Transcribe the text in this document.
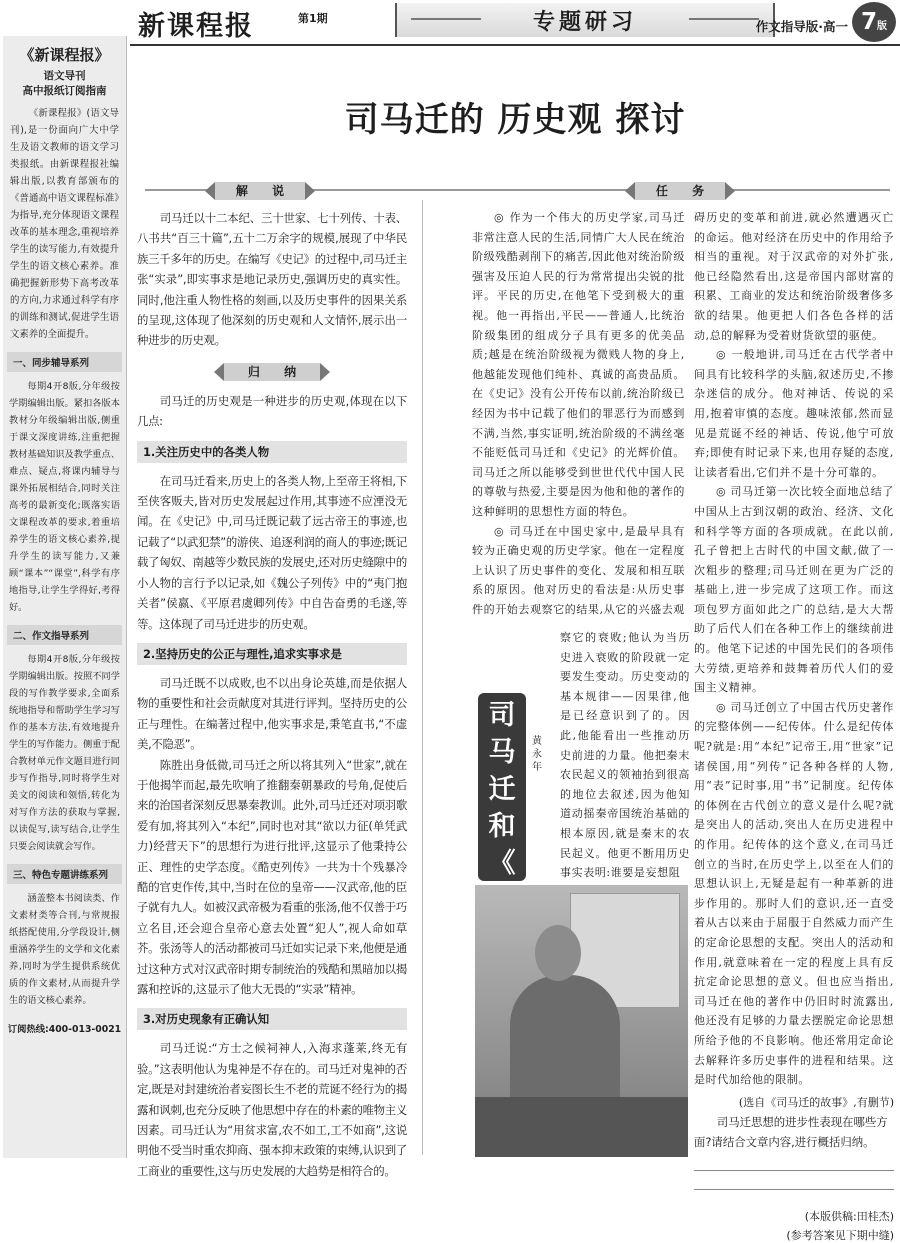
新课程报	第1期	专题研习	作文指导版·高一 7版
《新课程报》
语文导刊
高中报纸订阅指南
《新课程报》(语文导刊),是一份面向广大中学生及语文教师的语文学习类报纸。由新课程报社编辑出版,以教育部颁布的《普通高中语文课程标准》为指导,充分体现语文课程改革的基本理念,重视培养学生的读写能力,有效提升学生的语文核心素养。准确把握新形势下高考改革的方向,力求通过科学有序的训练和测试,促进学生语文素养的全面提升。
一、同步辅导系列
每期4开8版,分年级按学期编辑出版。紧扣各版本教材分年级编辑出版,侧重于课文深度讲练,注重把握教材基础知识及教学重点、难点、疑点,将课内辅导与课外拓展相结合,同时关注高考的最新变化;既落实语文课程改革的要求,着重培养学生的语文核心素养,提升学生的读写能力,又兼顾“课本”“课堂”,科学有序地指导,让学生学得好,考得好。
二、作文指导系列
每期4开8版,分年级按学期编辑出版。按照不同学段的写作教学要求,全面系统地指导和帮助学生学习写作的基本方法,有效地提升学生的写作能力。侧重于配合教材单元作文题目进行同步写作指导,同时将学生对美文的阅读和领悟,转化为对写作方法的获取与掌握,以读促写,读写结合,让学生只要会阅读就会写作。
三、特色专题讲练系列
涵盖整本书阅读类、作文素材类等合刊,与常规报纸搭配使用,分学段设计,侧重涵养学生的文学和文化素养,同时为学生提供系统优质的作文素材,从而提升学生的语文核心素养。
订阅热线:400-013-0021
司马迁的 历史观 探讨
解 说	任 务

司马迁以十二本纪、三十世家、七十列传、十表、八书共“百三十篇”,五十二万余字的规模,展现了中华民族三千多年的历史。在编写《史记》的过程中,司马迁主张“实录”,即实事求是地记录历史,强调历史的真实性。同时,他注重人物性格的刻画,以及历史事件的因果关系的呈现,这体现了他深刻的历史观和人文情怀,展示出一种进步的历史观。

归 纳

司马迁的历史观是一种进步的历史观,体现在以下几点:

1.关注历史中的各类人物

在司马迁看来,历史上的各类人物,上至帝王将相,下至侠客贩夫,皆对历史发展起过作用,其事迹不应湮没无闻。在《史记》中,司马迁既记载了远古帝王的事迹,也记载了“以武犯禁”的游侠、追逐利润的商人的事迹;既记载了匈奴、南越等少数民族的发展史,还对历史缝隙中的小人物的言行予以记录,如《魏公子列传》中的“夷门抱关者”侯嬴、《平原君虞卿列传》中自告奋勇的毛遂,等等。这体现了司马迁进步的历史观。

2.坚持历史的公正与理性,追求实事求是

司马迁既不以成败,也不以出身论英雄,而是依据人物的重要性和社会贡献度对其进行评判。坚持历史的公正与理性。在编著过程中,他实事求是,秉笔直书,“不虚美,不隐恶”。

陈胜出身低微,司马迁之所以将其列入“世家”,就在于他揭竿而起,最先吹响了推翻秦朝暴政的号角,促使后来的治国者深刻反思暴秦教训。此外,司马迁还对项羽歌爱有加,将其列入“本纪”,同时也对其“欲以力征(单凭武力)经营天下”的思想行为进行批评,这显示了他秉持公正、理性的史学态度。《酷吏列传》一共为十个残暴冷酷的官吏作传,其中,当时在位的皇帝——汉武帝,他的臣子就有九人。如被汉武帝极为看重的张汤,他不仅善于巧立名目,还会迎合皇帝心意去处置“犯人”,视人命如草芥。张汤等人的活动都被司马迁如实记录下来,他便是通过这种方式对汉武帝时期专制统治的残酷和黑暗加以揭露和控诉的,这显示了他大无畏的“实录”精神。

3.对历史现象有正确认知

司马迁说:“方士之候祠神人,入海求蓬莱,终无有验。”这表明他认为鬼神是不存在的。司马迁对鬼神的否定,既是对封建统治者妄图长生不老的荒诞不经行为的揭露和讽刺,也充分反映了他思想中存在的朴素的唯物主义因素。司马迁认为“用贫求富,农不如工,工不如商”,这说明他不受当时重农抑商、强本抑末政策的束缚,认识到了工商业的重要性,这与历史发展的大趋势是相符合的。

◎ 作为一个伟大的历史学家,司马迁非常注意人民的生活,同情广大人民在统治阶级残酷剥削下的痛苦,因此他对统治阶级强害及压迫人民的行为常常提出尖锐的批评。平民的历史,在他笔下受到极大的重视。他一再指出,平民——普通人,比统治阶级集团的组成分子具有更多的优美品质;越是在统治阶级视为微贱人物的身上,他越能发现他们纯朴、真诚的高贵品质。在《史记》没有公开传布以前,统治阶级已经因为书中记载了他们的罪恶行为而感到不满,当然,事实证明,统治阶级的不满丝毫不能贬低司马迁和《史记》的光辉价值。司马迁之所以能够受到世世代代中国人民的尊敬与热爱,主要是因为他和他的著作的这种鲜明的思想性方面的特色。

◎ 司马迁在中国史家中,是最早具有较为正确史观的历史学家。他在一定程度上认识了历史事件的变化、发展和相互联系的原因。他对历史的看法是:从历史事件的开始去观察它的结果,从它的兴盛去观

司
马
迁
和
《
黄永年

碍历史的变革和前进,就必然遭遇灭亡的命运。他对经济在历史中的作用给予相当的重视。对于汉武帝的对外扩张,他已经隐然看出,这是帝国内部财富的积累、工商业的发达和统治阶级奢侈多欲的结果。他更把人们各色各样的活动,总的解释为受着财货欲望的驱使。

◎ 一般地讲,司马迁在古代学者中间具有比较科学的头脑,叙述历史,不掺杂迷信的成分。他对神话、传说的采用,抱着审慎的态度。趣味浓郁,然而显见是荒诞不经的神话、传说,他宁可放弃;即使有时记录下来,也用存疑的态度,让读者看出,它们并不是十分可靠的。

◎ 司马迁第一次比较全面地总结了中国从上古到汉朝的政治、经济、文化和科学等方面的各项成就。在此以前,孔子曾把上古时代的中国文献,做了一次粗步的整理;司马迁则在更为广泛的基础上,进一步完成了这项工作。而这项包罗方面如此之广的总结,是大大帮助了后代人们在各种工作上的继续前进的。他笔下记述的中国先民们的各项伟大劳绩,更培养和鼓舞着历代人们的爱国主义精神。

◎ 司马迁创立了中国古代历史著作的完整体例——纪传体。什么是纪传体呢?就是:用“本纪”记帝王,用“世家”记诸侯国,用“列传”记各种各样的人物,用“表”记时事,用“书”记制度。纪传体的体例在古代创立的意义是什么呢?就是突出人的活动,突出人在历史进程中的作用。纪传体的这个意义,在司马迁创立的当时,在历史学上,以至在人们的思想认识上,无疑是起有一种革新的进步作用的。那时人们的意识,还一直受着从古以来由于屈服于自然威力而产生的定命论思想的支配。突出人的活动和作用,就意味着在一定的程度上具有反抗定命论思想的意义。但也应当指出,司马迁在他的著作中仍旧时时流露出,他还没有足够的力量去摆脱定命论思想所给予他的不良影响。他还常用定命论去解释许多历史事件的进程和结果。这是时代加给他的限制。

(选自《司马迁的故事》,有删节)
司马迁思想的进步性表现在哪些方面?请结合文章内容,进行概括归纳。
(本版供稿:田桂杰)
(参考答案见下期中缝)

察它的衰败;他认为当历史进入衰败的阶段就一定要发生变动。历史变动的基本规律——因果律,他是已经意识到了的。因此,他能看出一些推动历史前进的力量。他把秦末农民起义的领袖抬到很高的地位去叙述,因为他知道动摇秦帝国统治基础的根本原因,就是秦末的农民起义。他更不断用历史事实表明:谁要是妄想阻
